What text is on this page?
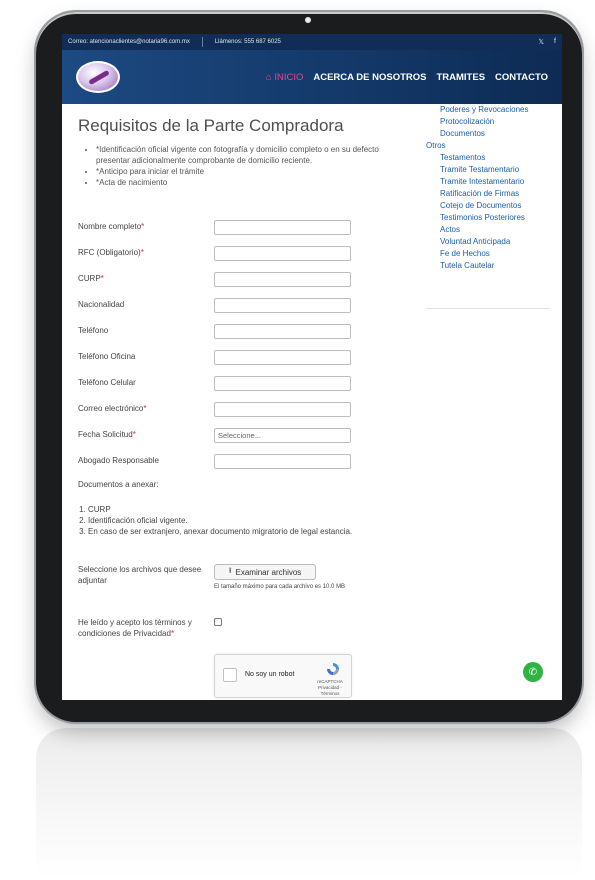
Correo: atencionaclientes@notaria96.com.mx	Llámenos: 555 687 6025	𝕏 f
⌂ INICIO ACERCA DE NOSOTROS TRAMITES CONTACTO
Requisitos de la Parte Compradora
• *Identificación oficial vigente con fotografía y domicilio completo o en su defecto presentar adicionalmente comprobante de domicilio reciente.
• *Anticipo para iniciar el trámite
• *Acta de nacimiento
Nombre completo*
RFC (Obligatorio)*
CURP*
Nacionalidad
Teléfono
Teléfono Oficina
Teléfono Celular
Correo electrónico*
Fecha Solicitud*	Seleccione...
Abogado Responsable
Documentos a anexar:
1. CURP
2. Identificación oficial vigente.
3. En caso de ser extranjero, anexar documento migratorio de legal estancia.
Seleccione los archivos que desee adjuntar
⭱ Examinar archivos
El tamaño máximo para cada archivo es 10.0 MB
He leído y acepto los términos y condiciones de Privacidad*
No soy un robot
reCAPTCHA
Privacidad - Términos
Poderes y Revocaciones
Protocolización
Documentos
Otros
Testamentos
Tramite Testamentario
Tramite Intestamentario
Ratificación de Firmas
Cotejo de Documentos
Testimonios Posteriores
Actos
Voluntad Anticipada
Fe de Hechos
Tutela Cautelar
✆
